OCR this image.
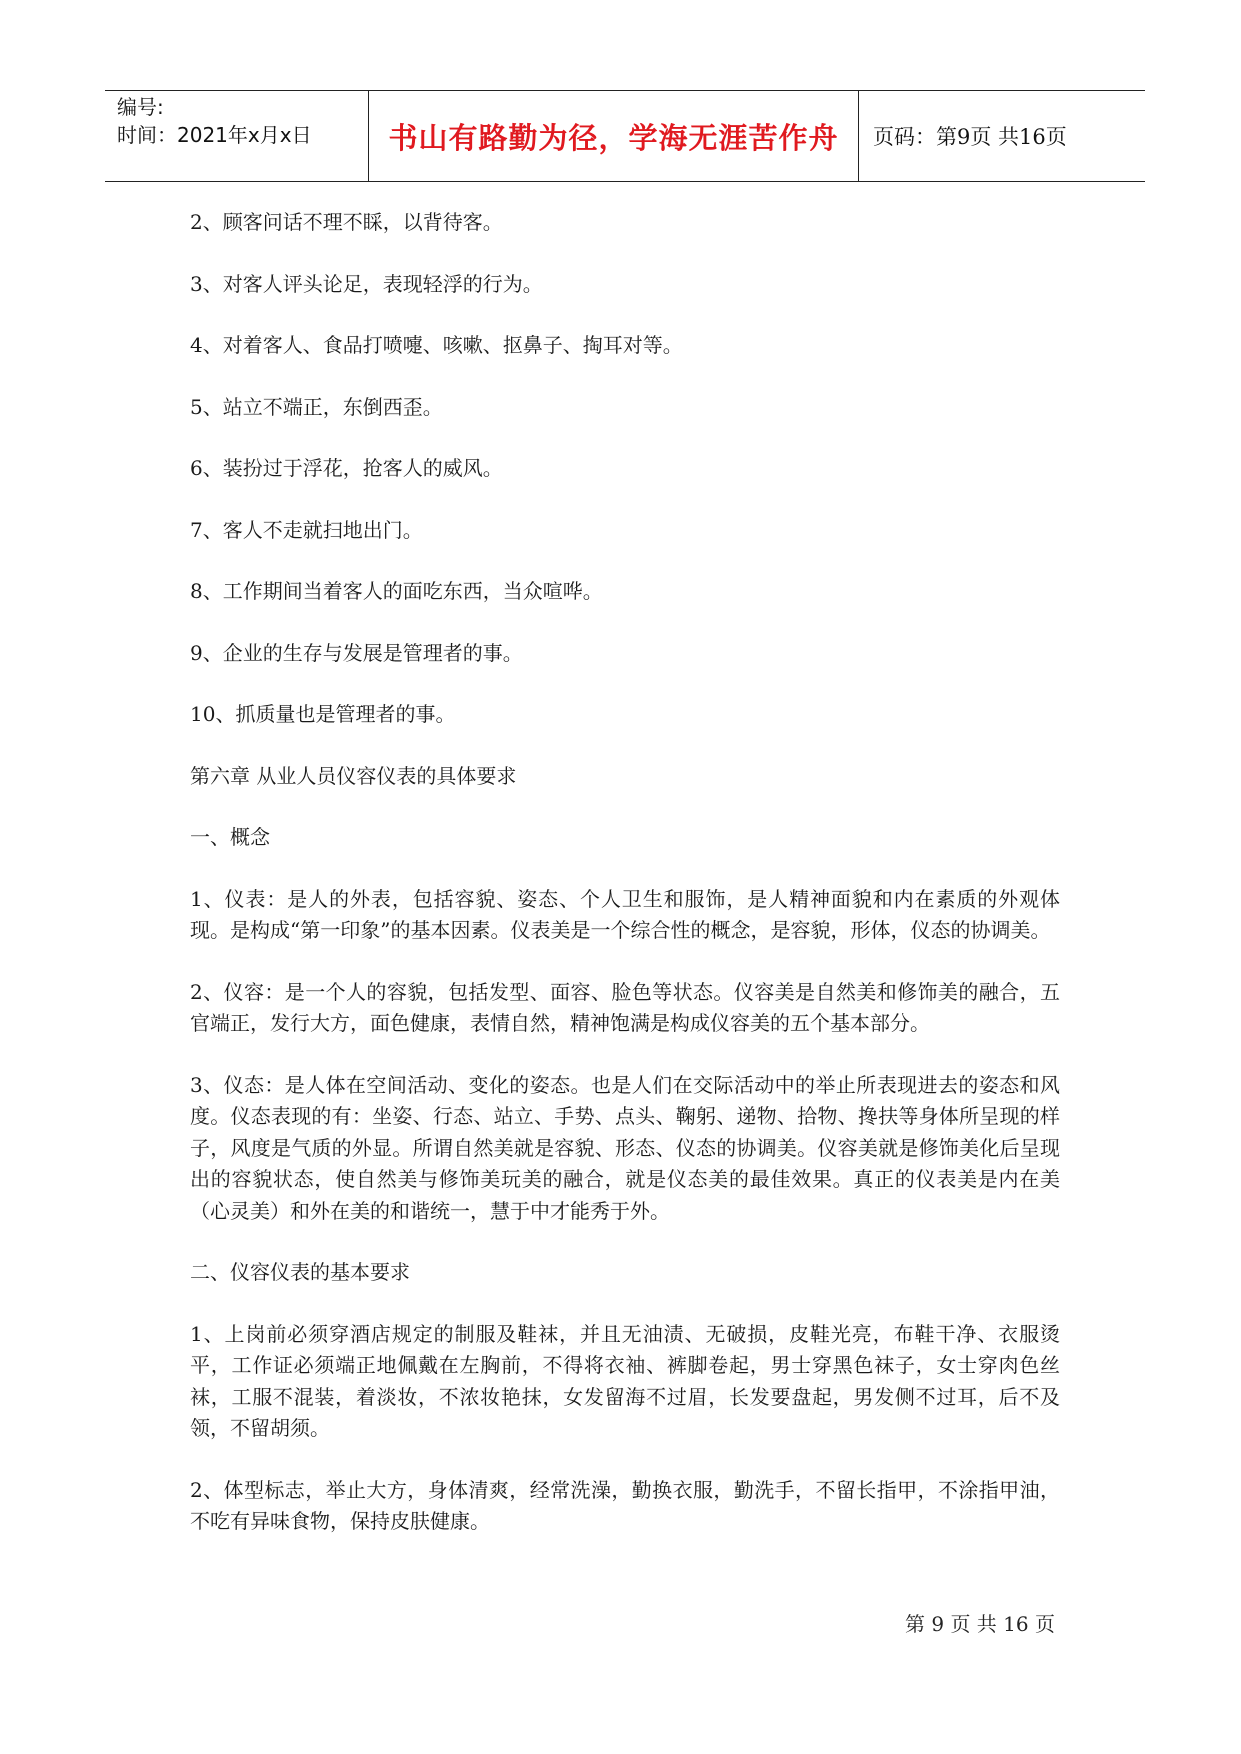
编号:
时间：2021年x月x日	书山有路勤为径，学海无涯苦作舟 页码：第9页 共16页

2、顾客问话不理不睬，以背待客。

3、对客人评头论足，表现轻浮的行为。

4、对着客人、食品打喷嚏、咳嗽、抠鼻子、掏耳对等。

5、站立不端正，东倒西歪。

6、装扮过于浮花，抢客人的威风。

7、客人不走就扫地出门。

8、工作期间当着客人的面吃东西，当众喧哗。

9、企业的生存与发展是管理者的事。

10、抓质量也是管理者的事。

第六章 从业人员仪容仪表的具体要求

一、概念

1、仪表：是人的外表，包括容貌、姿态、个人卫生和服饰，是人精神面貌和内在素质的外观体现。是构成“第一印象”的基本因素。仪表美是一个综合性的概念，是容貌，形体，仪态的协调美。

2、仪容：是一个人的容貌，包括发型、面容、脸色等状态。仪容美是自然美和修饰美的融合，五官端正，发行大方，面色健康，表情自然，精神饱满是构成仪容美的五个基本部分。

3、仪态：是人体在空间活动、变化的姿态。也是人们在交际活动中的举止所表现进去的姿态和风度。仪态表现的有：坐姿、行态、站立、手势、点头、鞠躬、递物、拾物、搀扶等身体所呈现的样子，风度是气质的外显。所谓自然美就是容貌、形态、仪态的协调美。仪容美就是修饰美化后呈现出的容貌状态，使自然美与修饰美玩美的融合，就是仪态美的最佳效果。真正的仪表美是内在美（心灵美）和外在美的和谐统一，慧于中才能秀于外。

二、仪容仪表的基本要求

1、上岗前必须穿酒店规定的制服及鞋袜，并且无油渍、无破损，皮鞋光亮，布鞋干净、衣服烫平，工作证必须端正地佩戴在左胸前，不得将衣袖、裤脚卷起，男士穿黑色袜子，女士穿肉色丝袜，工服不混装，着淡妆，不浓妆艳抹，女发留海不过眉，长发要盘起，男发侧不过耳，后不及领，不留胡须。

2、体型标志，举止大方，身体清爽，经常洗澡，勤换衣服，勤洗手，不留长指甲，不涂指甲油，不吃有异味食物，保持皮肤健康。

第 9 页 共 16 页
